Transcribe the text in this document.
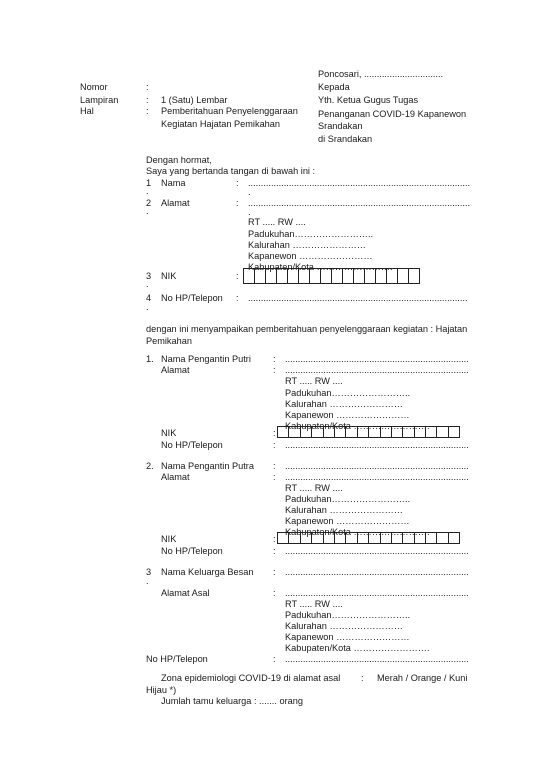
Poncosari, ...............................
Kepada
Yth. Ketua Gugus Tugas
Penanganan COVID-19 Kapanewon
Srandakan
di Srandakan
Nomor	:
Lampiran	: 1 (Satu) Lembar
Hal	: Pemberitahuan Penyelenggaraan
Kegiatan Hajatan Pemikahan
Dengan hormat,
Saya yang bertanda tangan di bawah ini :
1 Nama	: .......................................................................................
.	.
2 Alamat	: .......................................................................................
.	.
RT ..... RW ....
Padukuhan……………………..
Kalurahan ……………………
Kapanewon ……………………
Kabupaten/Kota …………………….
3 NIK	:
.
4 No HP/Telepon : ......................................................................................
.
dengan ini menyampaikan pemberitahuan penyelenggaraan kegiatan : Hajatan
Pemikahan
1. Nama Pengantin Putri : ........................................................................
Alamat	: ........................................................................
RT ..... RW ....
Padukuhan……………………..
Kalurahan ……………………
Kapanewon ……………………
Kabupaten/Kota …………………….
NIK	:
No HP/Telepon	: ........................................................................
2. Nama Pengantin Putra : ........................................................................
Alamat	: ........................................................................
RT ..... RW ....
Padukuhan……………………..
Kalurahan ……………………
Kapanewon ……………………
Kabupaten/Kota …………………….
NIK	:
No HP/Telepon	: ........................................................................
3 Nama Keluarga Besan : ........................................................................
.
Alamat Asal	: ........................................................................
RT ..... RW ....
Padukuhan……………………..
Kalurahan ……………………
Kapanewon ……………………
Kabupaten/Kota …………………….
No HP/Telepon	: ........................................................................
Zona epidemiologi COVID-19 di alamat asal : Merah / Orange / Kuni
Hijau *)
Jumlah tamu keluarga : ....... orang
